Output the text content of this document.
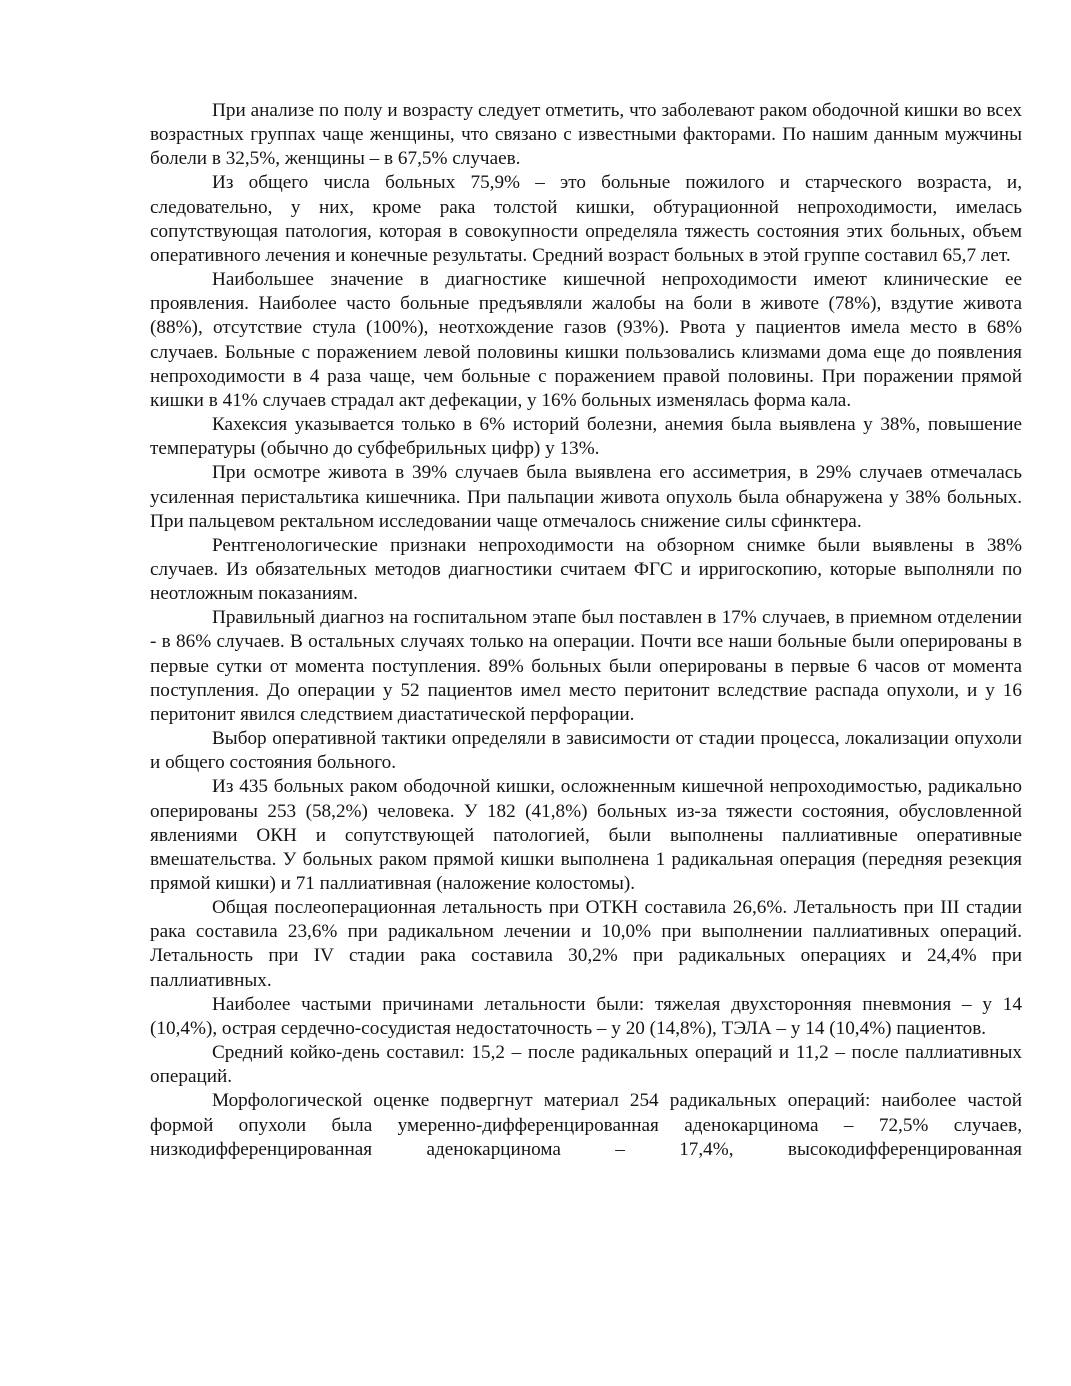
При анализе по полу и возрасту следует отметить, что заболевают раком ободочной кишки во всех возрастных группах чаще женщины, что связано с известными факторами. По нашим данным мужчины болели в 32,5%, женщины – в 67,5% случаев.

Из общего числа больных 75,9% – это больные пожилого и старческого возраста, и, следовательно, у них, кроме рака толстой кишки, обтурационной непроходимости, имелась сопутствующая патология, которая в совокупности определяла тяжесть состояния этих больных, объем оперативного лечения и конечные результаты. Средний возраст больных в этой группе составил 65,7 лет.

Наибольшее значение в диагностике кишечной непроходимости имеют клинические ее проявления. Наиболее часто больные предъявляли жалобы на боли в животе (78%), вздутие живота (88%), отсутствие стула (100%), неотхождение газов (93%). Рвота у пациентов имела место в 68% случаев. Больные с поражением левой половины кишки пользовались клизмами дома еще до появления непроходимости в 4 раза чаще, чем больные с поражением правой половины. При поражении прямой кишки в 41% случаев страдал акт дефекации, у 16% больных изменялась форма кала.

Кахексия указывается только в 6% историй болезни, анемия была выявлена у 38%, повышение температуры (обычно до субфебрильных цифр) у 13%.

При осмотре живота в 39% случаев была выявлена его ассиметрия, в 29% случаев отмечалась усиленная перистальтика кишечника. При пальпации живота опухоль была обнаружена у 38% больных. При пальцевом ректальном исследовании чаще отмечалось снижение силы сфинктера.

Рентгенологические признаки непроходимости на обзорном снимке были выявлены в 38% случаев. Из обязательных методов диагностики считаем ФГС и ирригоскопию, которые выполняли по неотложным показаниям.

Правильный диагноз на госпитальном этапе был поставлен в 17% случаев, в приемном отделении - в 86% случаев. В остальных случаях только на операции. Почти все наши больные были оперированы в первые сутки от момента поступления. 89% больных были оперированы в первые 6 часов от момента поступления. До операции у 52 пациентов имел место перитонит вследствие распада опухоли, и у 16 перитонит явился следствием диастатической перфорации.

Выбор оперативной тактики определяли в зависимости от стадии процесса, локализации опухоли и общего состояния больного.

Из 435 больных раком ободочной кишки, осложненным кишечной непроходимостью, радикально оперированы 253 (58,2%) человека. У 182 (41,8%) больных из-за тяжести состояния, обусловленной явлениями ОКН и сопутствующей патологией, были выполнены паллиативные оперативные вмешательства. У больных раком прямой кишки выполнена 1 радикальная операция (передняя резекция прямой кишки) и 71 паллиативная (наложение колостомы).

Общая послеоперационная летальность при ОТКН составила 26,6%. Летальность при III стадии рака составила 23,6% при радикальном лечении и 10,0% при выполнении паллиативных операций. Летальность при IV стадии рака составила 30,2% при радикальных операциях и 24,4% при паллиативных.

Наиболее частыми причинами летальности были: тяжелая двухсторонняя пневмония – у 14 (10,4%), острая сердечно-сосудистая недостаточность – у 20 (14,8%), ТЭЛА – у 14 (10,4%) пациентов.

Средний койко-день составил: 15,2 – после радикальных операций и 11,2 – после паллиативных операций.

Морфологической оценке подвергнут материал 254 радикальных операций: наиболее частой формой опухоли была умеренно-дифференцированная аденокарцинома – 72,5% случаев, низкодифференцированная аденокарцинома – 17,4%, высокодифференцированная
